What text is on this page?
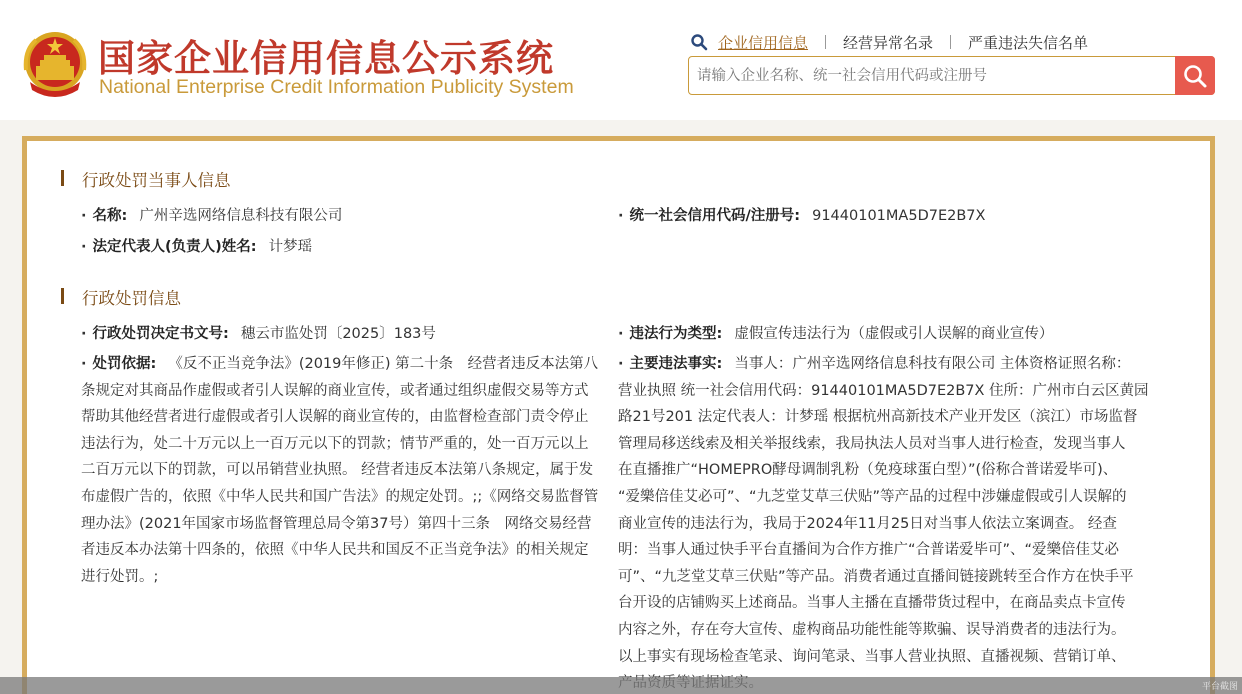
国家企业信用信息公示系统
National Enterprise Credit Information Publicity System
企业信用信息 经营异常名录 严重违法失信名单
请输入企业名称、统一社会信用代码或注册号
行政处罚当事人信息
· 名称: 广州辛选网络信息科技有限公司	· 统一社会信用代码/注册号: 91440101MA5D7E2B7X
· 法定代表人(负责人)姓名: 计梦瑶
行政处罚信息
· 行政处罚决定书文号: 穗云市监处罚〔2025〕183号	· 违法行为类型: 虚假宣传违法行为（虚假或引人误解的商业宣传）
· 处罚依据: 《反不正当竞争法》(2019年修正) 第二十条　经营者违反本法第八
条规定对其商品作虚假或者引人误解的商业宣传，或者通过组织虚假交易等方式
帮助其他经营者进行虚假或者引人误解的商业宣传的，由监督检查部门责令停止
违法行为，处二十万元以上一百万元以下的罚款；情节严重的，处一百万元以上
二百万元以下的罚款，可以吊销营业执照。 经营者违反本法第八条规定，属于发
布虚假广告的，依照《中华人民共和国广告法》的规定处罚。;;《网络交易监督管
理办法》(2021年国家市场监督管理总局令第37号）第四十三条　网络交易经营
者违反本办法第十四条的，依照《中华人民共和国反不正当竞争法》的相关规定
进行处罚。;
· 主要违法事实: 当事人：广州辛选网络信息科技有限公司 主体资格证照名称：
营业执照 统一社会信用代码：91440101MA5D7E2B7X 住所：广州市白云区黄园
路21号201 法定代表人：计梦瑶 根据杭州高新技术产业开发区（滨江）市场监督
管理局移送线索及相关举报线索，我局执法人员对当事人进行检查，发现当事人
在直播推广“HOMEPRO酵母调制乳粉（免疫球蛋白型）”(俗称合普诺爱毕可)、
“爱樂倍佳艾必可”、“九芝堂艾草三伏贴”等产品的过程中涉嫌虚假或引人误解的
商业宣传的违法行为，我局于2024年11月25日对当事人依法立案调查。 经查
明：当事人通过快手平台直播间为合作方推广“合普诺爱毕可”、“爱樂倍佳艾必
可”、“九芝堂艾草三伏贴”等产品。消费者通过直播间链接跳转至合作方在快手平
台开设的店铺购买上述商品。当事人主播在直播带货过程中，在商品卖点卡宣传
内容之外，存在夸大宣传、虚构商品功能性能等欺骗、误导消费者的违法行为。
以上事实有现场检查笔录、询问笔录、当事人营业执照、直播视频、营销订单、
平台截图
